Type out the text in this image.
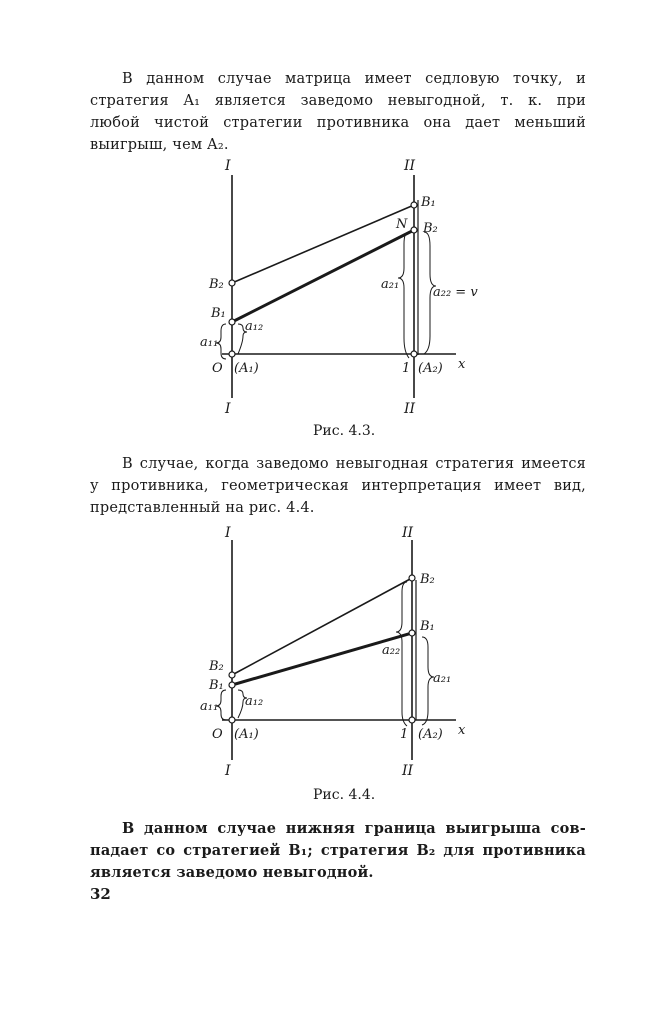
В данном случае матрица имеет седловую точку, и
стратегия A₁ является заведомо невыгодной, т. к. при
любой чистой стратегии противника она дает меньший
выигрыш, чем A₂.
I
I
II
II
B₁
N B₂
B₂
B₁
a₁₂
a₁₁
a₂₁
a₂₂ = v
O (A₁)	1 (A₂) x

Рис. 4.3.

В случае, когда заведомо невыгодная стратегия имеется
у противника, геометрическая интерпретация имеет вид,
представленный на рис. 4.4.
I
I
II
II
B₂
B₁
a₂₂
a₂₁
B₂
B₁
a₁₂
a₁₁
O (A₁)	1 (A₂) x

Рис. 4.4.

В данном случае нижняя граница выигрыша сов-
падает со стратегией B₁; стратегия B₂ для противника
является заведомо невыгодной.

32
